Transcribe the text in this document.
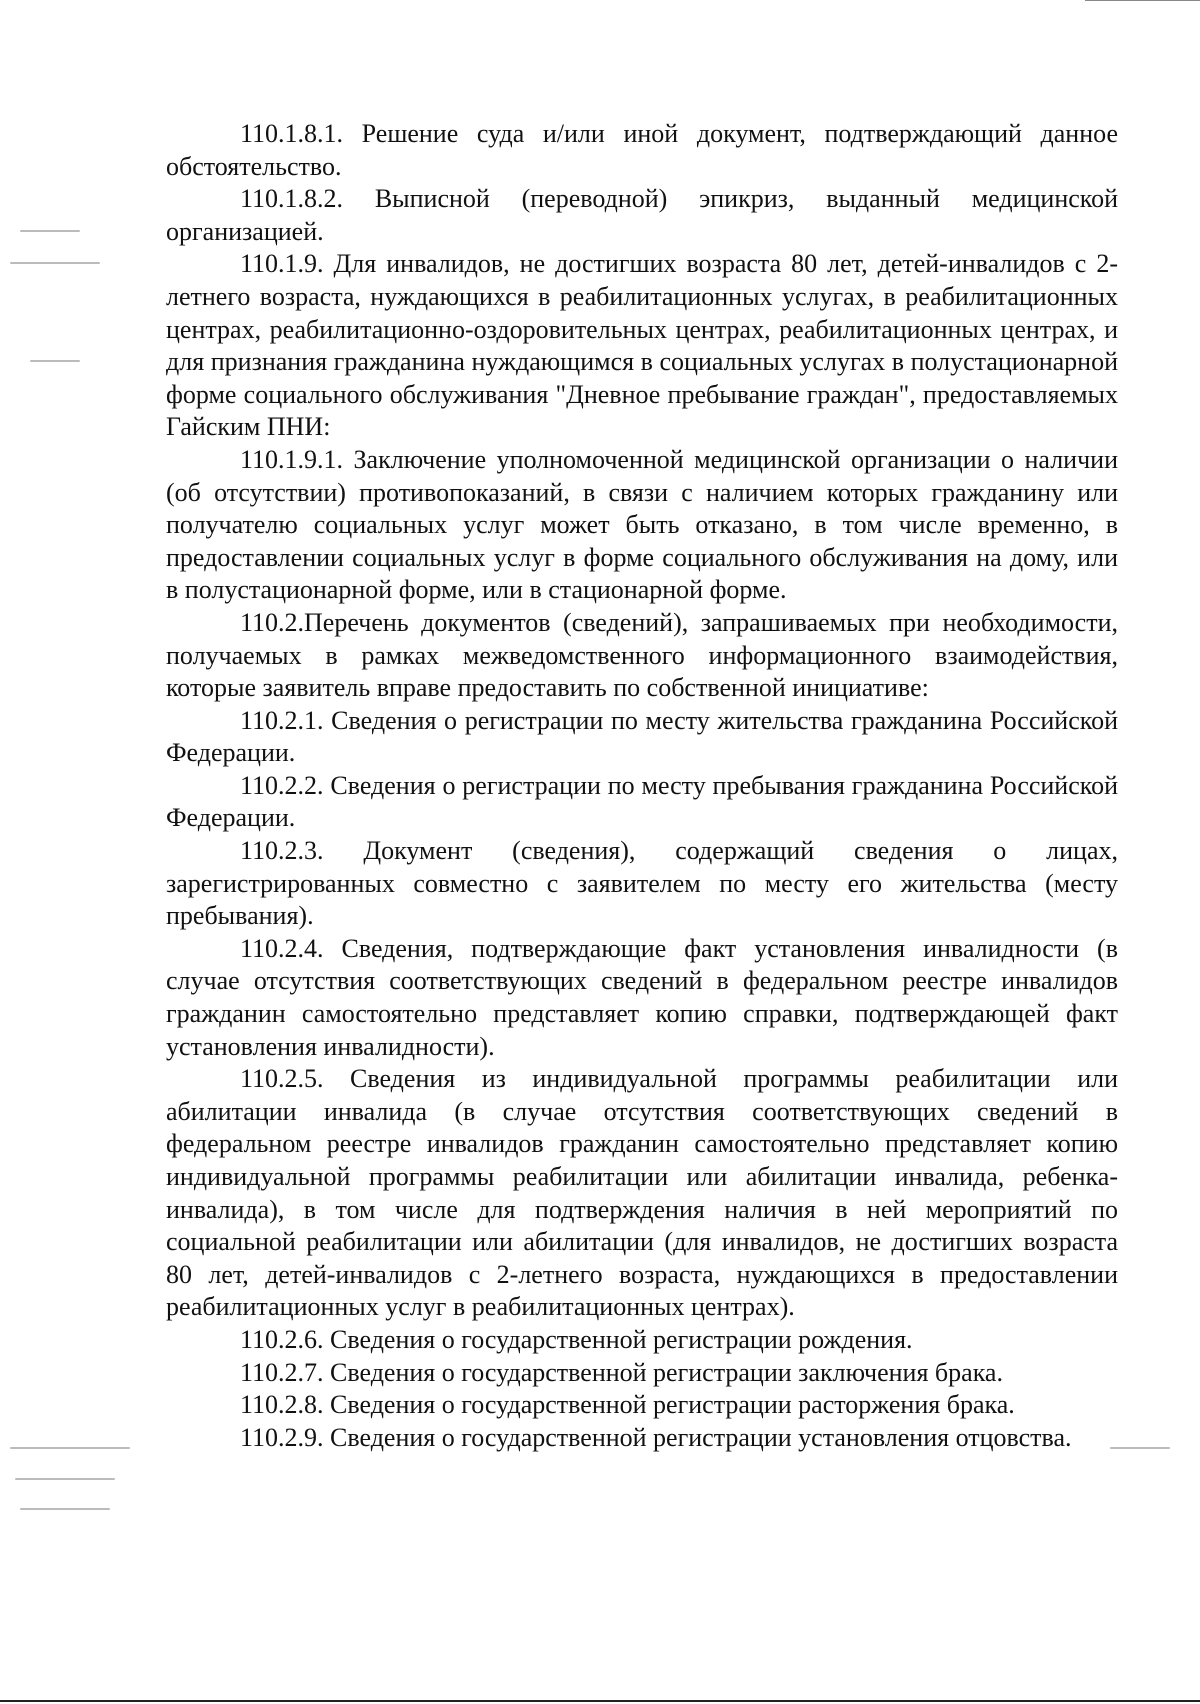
110.1.8.1. Решение суда и/или иной документ, подтверждающий данное обстоятельство.

110.1.8.2. Выписной (переводной) эпикриз, выданный медицинской организацией.

110.1.9. Для инвалидов, не достигших возраста 80 лет, детей-инвалидов с 2-летнего возраста, нуждающихся в реабилитационных услугах, в реабилитационных центрах, реабилитационно-оздоровительных центрах, реабилитационных центрах, и для признания гражданина нуждающимся в социальных услугах в полустационарной форме социального обслуживания "Дневное пребывание граждан", предоставляемых Гайским ПНИ:

110.1.9.1. Заключение уполномоченной медицинской организации о наличии (об отсутствии) противопоказаний, в связи с наличием которых гражданину или получателю социальных услуг может быть отказано, в том числе временно, в предоставлении социальных услуг в форме социального обслуживания на дому, или в полустационарной форме, или в стационарной форме.

110.2.Перечень документов (сведений), запрашиваемых при необходимости, получаемых в рамках межведомственного информационного взаимодействия, которые заявитель вправе предоставить по собственной инициативе:

110.2.1. Сведения о регистрации по месту жительства гражданина Российской Федерации.

110.2.2. Сведения о регистрации по месту пребывания гражданина Российской Федерации.

110.2.3. Документ (сведения), содержащий сведения о лицах, зарегистрированных совместно с заявителем по месту его жительства (месту пребывания).

110.2.4. Сведения, подтверждающие факт установления инвалидности (в случае отсутствия соответствующих сведений в федеральном реестре инвалидов гражданин самостоятельно представляет копию справки, подтверждающей факт установления инвалидности).

110.2.5. Сведения из индивидуальной программы реабилитации или абилитации инвалида (в случае отсутствия соответствующих сведений в федеральном реестре инвалидов гражданин самостоятельно представляет копию индивидуальной программы реабилитации или абилитации инвалида, ребенка-инвалида), в том числе для подтверждения наличия в ней мероприятий по социальной реабилитации или абилитации (для инвалидов, не достигших возраста 80 лет, детей-инвалидов с 2-летнего возраста, нуждающихся в предоставлении реабилитационных услуг в реабилитационных центрах).

110.2.6. Сведения о государственной регистрации рождения.

110.2.7. Сведения о государственной регистрации заключения брака.

110.2.8. Сведения о государственной регистрации расторжения брака.

110.2.9. Сведения о государственной регистрации установления отцовства.
